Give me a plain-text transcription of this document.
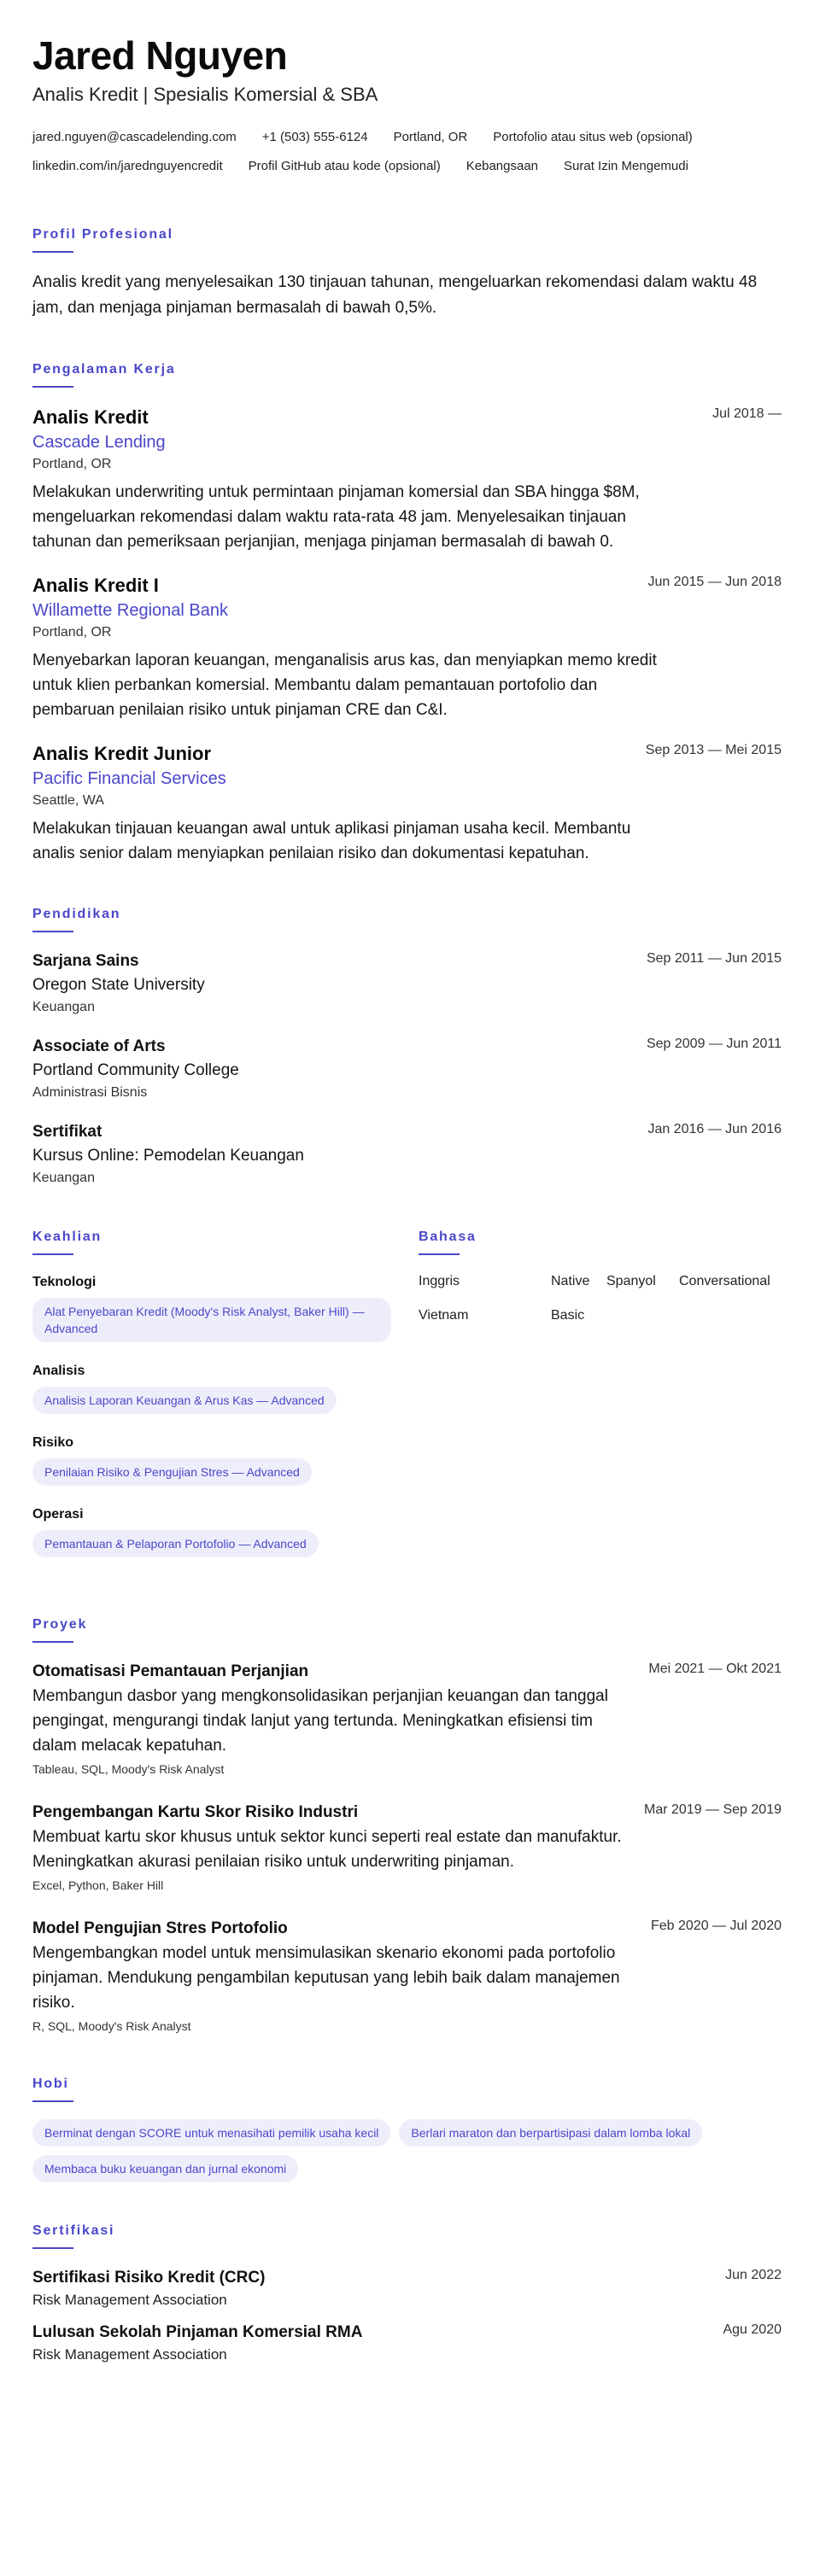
Jared Nguyen
Analis Kredit | Spesialis Komersial & SBA
jared.nguyen@cascadelending.com +1 (503) 555-6124 Portland, OR Portofolio atau situs web (opsional)
linkedin.com/in/jarednguyencredit Profil GitHub atau kode (opsional) Kebangsaan Surat Izin Mengemudi
Profil Profesional

Analis kredit yang menyelesaikan 130 tinjauan tahunan, mengeluarkan rekomendasi dalam waktu 48 jam, dan menjaga pinjaman bermasalah di bawah 0,5%.

Pengalaman Kerja
Analis Kredit	Jul 2018 —
Cascade Lending
Portland, OR

Melakukan underwriting untuk permintaan pinjaman komersial dan SBA hingga $8M, mengeluarkan rekomendasi dalam waktu rata-rata 48 jam. Menyelesaikan tinjauan tahunan dan pemeriksaan perjanjian, menjaga pinjaman bermasalah di bawah 0.

Analis Kredit I	Jun 2015 — Jun 2018
Willamette Regional Bank
Portland, OR

Menyebarkan laporan keuangan, menganalisis arus kas, dan menyiapkan memo kredit untuk klien perbankan komersial. Membantu dalam pemantauan portofolio dan pembaruan penilaian risiko untuk pinjaman CRE dan C&I.

Analis Kredit Junior	Sep 2013 — Mei 2015
Pacific Financial Services
Seattle, WA

Melakukan tinjauan keuangan awal untuk aplikasi pinjaman usaha kecil. Membantu analis senior dalam menyiapkan penilaian risiko dan dokumentasi kepatuhan.

Pendidikan
Sarjana Sains	Sep 2011 — Jun 2015
Oregon State University
Keuangan
Associate of Arts	Sep 2009 — Jun 2011
Portland Community College
Administrasi Bisnis
Sertifikat	Jan 2016 — Jun 2016
Kursus Online: Pemodelan Keuangan
Keuangan
Keahlian
Teknologi
Alat Penyebaran Kredit (Moody's Risk Analyst, Baker Hill) — Advanced
Analisis
Analisis Laporan Keuangan & Arus Kas — Advanced
Risiko
Penilaian Risiko & Pengujian Stres — Advanced
Operasi
Pemantauan & Pelaporan Portofolio — Advanced
Bahasa
Inggris	Native	Spanyol	Conversational
Vietnam	Basic
Proyek
Otomatisasi Pemantauan Perjanjian	Mei 2021 — Okt 2021

Membangun dasbor yang mengkonsolidasikan perjanjian keuangan dan tanggal pengingat, mengurangi tindak lanjut yang tertunda. Meningkatkan efisiensi tim dalam melacak kepatuhan.

Tableau, SQL, Moody's Risk Analyst
Pengembangan Kartu Skor Risiko Industri	Mar 2019 — Sep 2019

Membuat kartu skor khusus untuk sektor kunci seperti real estate dan manufaktur. Meningkatkan akurasi penilaian risiko untuk underwriting pinjaman.

Excel, Python, Baker Hill
Model Pengujian Stres Portofolio	Feb 2020 — Jul 2020

Mengembangkan model untuk mensimulasikan skenario ekonomi pada portofolio pinjaman. Mendukung pengambilan keputusan yang lebih baik dalam manajemen risiko.

R, SQL, Moody's Risk Analyst
Hobi
Berminat dengan SCORE untuk menasihati pemilik usaha kecil	Berlari maraton dan berpartisipasi dalam lomba lokal
Membaca buku keuangan dan jurnal ekonomi
Sertifikasi
Sertifikasi Risiko Kredit (CRC)	Jun 2022
Risk Management Association
Lulusan Sekolah Pinjaman Komersial RMA	Agu 2020
Risk Management Association
